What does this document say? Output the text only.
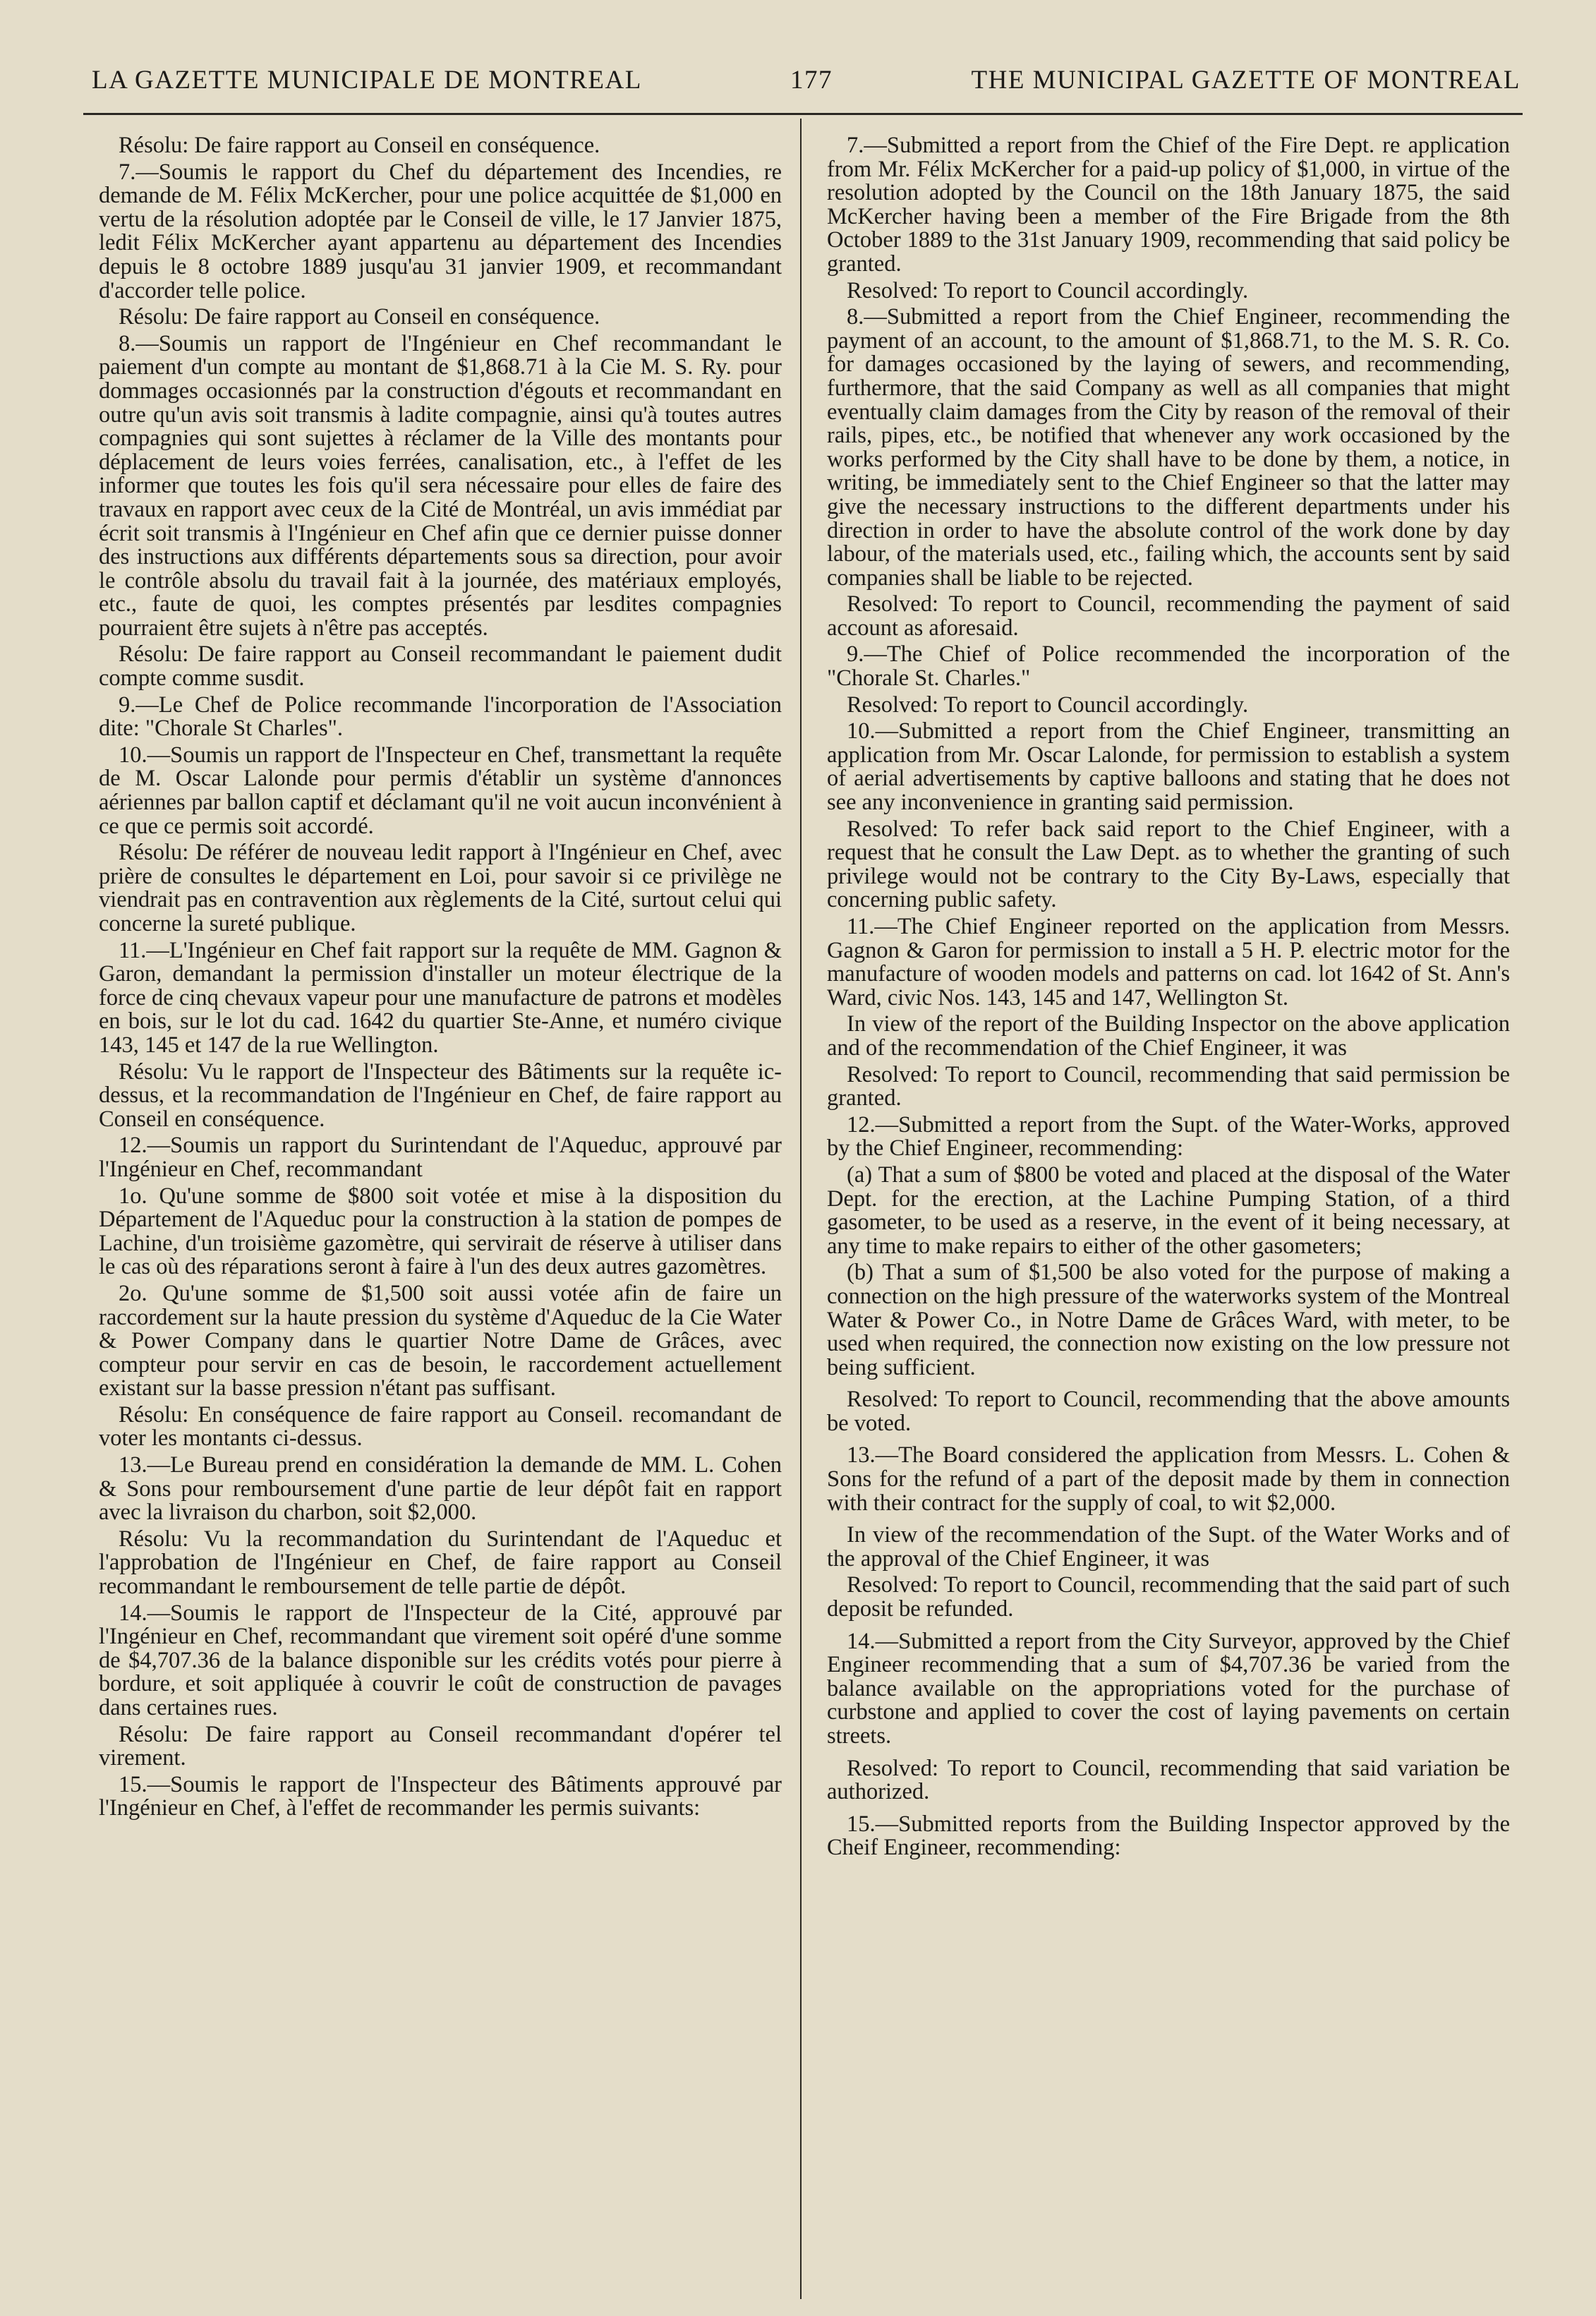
LA GAZETTE MUNICIPALE DE MONTREAL	177	THE MUNICIPAL GAZETTE OF MONTREAL

Résolu: De faire rapport au Conseil en conséquence.

7.—Soumis le rapport du Chef du département des Incendies, re demande de M. Félix McKercher, pour une police acquittée de $1,000 en vertu de la résolution adoptée par le Conseil de ville, le 17 Janvier 1875, ledit Félix McKercher ayant appartenu au département des Incendies depuis le 8 octobre 1889 jusqu'au 31 janvier 1909, et recommandant d'accorder telle police.

Résolu: De faire rapport au Conseil en conséquence.

8.—Soumis un rapport de l'Ingénieur en Chef recommandant le paiement d'un compte au montant de $1,868.71 à la Cie M. S. Ry. pour dommages occasionnés par la construction d'égouts et recommandant en outre qu'un avis soit transmis à ladite compagnie, ainsi qu'à toutes autres compagnies qui sont sujettes à réclamer de la Ville des montants pour déplacement de leurs voies ferrées, canalisation, etc., à l'effet de les informer que toutes les fois qu'il sera nécessaire pour elles de faire des travaux en rapport avec ceux de la Cité de Montréal, un avis immédiat par écrit soit transmis à l'Ingénieur en Chef afin que ce dernier puisse donner des instructions aux différents départements sous sa direction, pour avoir le contrôle absolu du travail fait à la journée, des matériaux employés, etc., faute de quoi, les comptes présentés par lesdites compagnies pourraient être sujets à n'être pas acceptés.

Résolu: De faire rapport au Conseil recommandant le paiement dudit compte comme susdit.

9.—Le Chef de Police recommande l'incorporation de l'Association dite: "Chorale St Charles".

10.—Soumis un rapport de l'Inspecteur en Chef, transmettant la requête de M. Oscar Lalonde pour permis d'établir un système d'annonces aériennes par ballon captif et déclamant qu'il ne voit aucun inconvénient à ce que ce permis soit accordé.

Résolu: De référer de nouveau ledit rapport à l'Ingénieur en Chef, avec prière de consultes le département en Loi, pour savoir si ce privilège ne viendrait pas en contravention aux règlements de la Cité, surtout celui qui concerne la sureté publique.

11.—L'Ingénieur en Chef fait rapport sur la requête de MM. Gagnon & Garon, demandant la permission d'installer un moteur électrique de la force de cinq chevaux vapeur pour une manufacture de patrons et modèles en bois, sur le lot du cad. 1642 du quartier Ste-Anne, et numéro civique 143, 145 et 147 de la rue Wellington.

Résolu: Vu le rapport de l'Inspecteur des Bâtiments sur la requête ic-dessus, et la recommandation de l'Ingénieur en Chef, de faire rapport au Conseil en conséquence.

12.—Soumis un rapport du Surintendant de l'Aqueduc, approuvé par l'Ingénieur en Chef, recommandant

1o. Qu'une somme de $800 soit votée et mise à la disposition du Département de l'Aqueduc pour la construction à la station de pompes de Lachine, d'un troisième gazomètre, qui servirait de réserve à utiliser dans le cas où des réparations seront à faire à l'un des deux autres gazomètres.

2o. Qu'une somme de $1,500 soit aussi votée afin de faire un raccordement sur la haute pression du système d'Aqueduc de la Cie Water & Power Company dans le quartier Notre Dame de Grâces, avec compteur pour servir en cas de besoin, le raccordement actuellement existant sur la basse pression n'étant pas suffisant.

Résolu: En conséquence de faire rapport au Conseil. recomandant de voter les montants ci-dessus.

13.—Le Bureau prend en considération la demande de MM. L. Cohen & Sons pour remboursement d'une partie de leur dépôt fait en rapport avec la livraison du charbon, soit $2,000.

Résolu: Vu la recommandation du Surintendant de l'Aqueduc et l'approbation de l'Ingénieur en Chef, de faire rapport au Conseil recommandant le remboursement de telle partie de dépôt.

14.—Soumis le rapport de l'Inspecteur de la Cité, approuvé par l'Ingénieur en Chef, recommandant que virement soit opéré d'une somme de $4,707.36 de la balance disponible sur les crédits votés pour pierre à bordure, et soit appliquée à couvrir le coût de construction de pavages dans certaines rues.

Résolu: De faire rapport au Conseil recommandant d'opérer tel virement.

15.—Soumis le rapport de l'Inspecteur des Bâtiments approuvé par l'Ingénieur en Chef, à l'effet de recommander les permis suivants:

7.—Submitted a report from the Chief of the Fire Dept. re application from Mr. Félix McKercher for a paid-up policy of $1,000, in virtue of the resolution adopted by the Council on the 18th January 1875, the said McKercher having been a member of the Fire Brigade from the 8th October 1889 to the 31st January 1909, recommending that said policy be granted.

Resolved: To report to Council accordingly.

8.—Submitted a report from the Chief Engineer, recommending the payment of an account, to the amount of $1,868.71, to the M. S. R. Co. for damages occasioned by the laying of sewers, and recommending, furthermore, that the said Company as well as all companies that might eventually claim damages from the City by reason of the removal of their rails, pipes, etc., be notified that whenever any work occasioned by the works performed by the City shall have to be done by them, a notice, in writing, be immediately sent to the Chief Engineer so that the latter may give the necessary instructions to the different departments under his direction in order to have the absolute control of the work done by day labour, of the materials used, etc., failing which, the accounts sent by said companies shall be liable to be rejected.

Resolved: To report to Council, recommending the payment of said account as aforesaid.

9.—The Chief of Police recommended the incorporation of the "Chorale St. Charles."

Resolved: To report to Council accordingly.

10.—Submitted a report from the Chief Engineer, transmitting an application from Mr. Oscar Lalonde, for permission to establish a system of aerial advertisements by captive balloons and stating that he does not see any inconvenience in granting said permission.

Resolved: To refer back said report to the Chief Engineer, with a request that he consult the Law Dept. as to whether the granting of such privilege would not be contrary to the City By-Laws, especially that concerning public safety.

11.—The Chief Engineer reported on the application from Messrs. Gagnon & Garon for permission to install a 5 H. P. electric motor for the manufacture of wooden models and patterns on cad. lot 1642 of St. Ann's Ward, civic Nos. 143, 145 and 147, Wellington St.

In view of the report of the Building Inspector on the above application and of the recommendation of the Chief Engineer, it was

Resolved: To report to Council, recommending that said permission be granted.

12.—Submitted a report from the Supt. of the Water-Works, approved by the Chief Engineer, recommending:

(a) That a sum of $800 be voted and placed at the disposal of the Water Dept. for the erection, at the Lachine Pumping Station, of a third gasometer, to be used as a reserve, in the event of it being necessary, at any time to make repairs to either of the other gasometers;

(b) That a sum of $1,500 be also voted for the purpose of making a connection on the high pressure of the waterworks system of the Montreal Water & Power Co., in Notre Dame de Grâces Ward, with meter, to be used when required, the connection now existing on the low pressure not being sufficient.

Resolved: To report to Council, recommending that the above amounts be voted.

13.—The Board considered the application from Messrs. L. Cohen & Sons for the refund of a part of the deposit made by them in connection with their contract for the supply of coal, to wit $2,000.

In view of the recommendation of the Supt. of the Water Works and of the approval of the Chief Engineer, it was

Resolved: To report to Council, recommending that the said part of such deposit be refunded.

14.—Submitted a report from the City Surveyor, approved by the Chief Engineer recommending that a sum of $4,707.36 be varied from the balance available on the appropriations voted for the purchase of curbstone and applied to cover the cost of laying pavements on certain streets.

Resolved: To report to Council, recommending that said variation be authorized.

15.—Submitted reports from the Building Inspector approved by the Cheif Engineer, recommending:
